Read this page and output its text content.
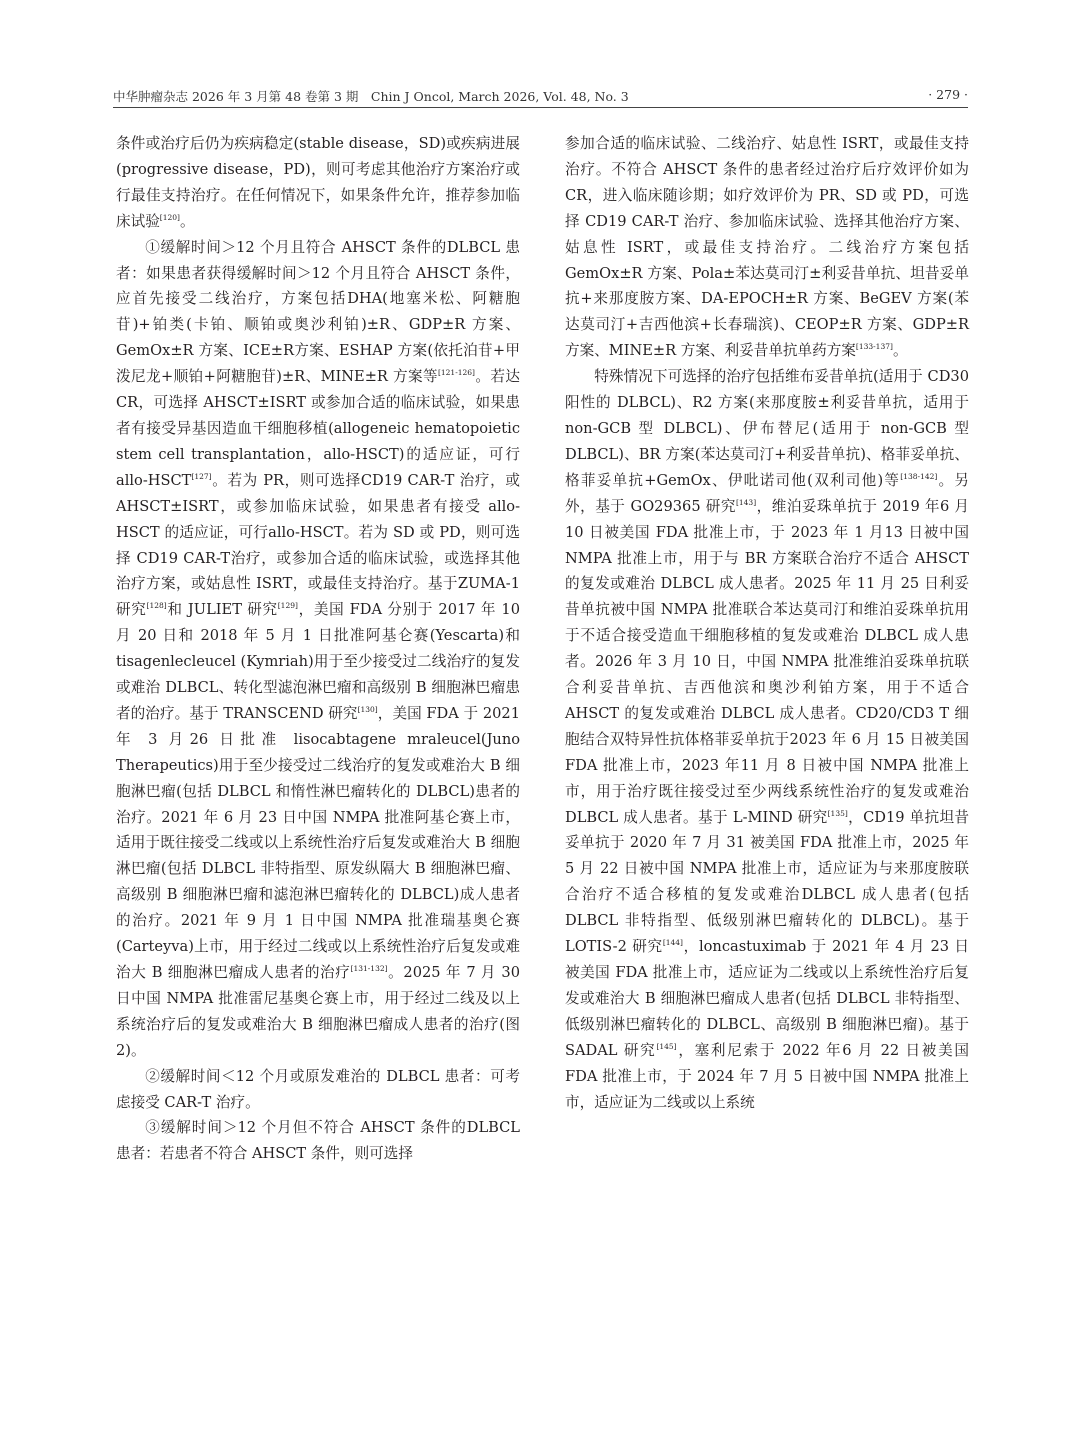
中华肿瘤杂志 2026 年 3 月第 48 卷第 3 期　Chin J Oncol, March 2026, Vol. 48, No. 3	· 279 ·

条件或治疗后仍为疾病稳定(stable disease，SD)或疾病进展(progressive disease，PD)，则可考虑其他治疗方案治疗或行最佳支持治疗。在任何情况下，如果条件允许，推荐参加临床试验[120]。

①缓解时间＞12 个月且符合 AHSCT 条件的DLBCL 患者：如果患者获得缓解时间＞12 个月且符合 AHSCT 条件，应首先接受二线治疗，方案包括DHA(地塞米松、阿糖胞苷)+铂类(卡铂、顺铂或奥沙利铂)±R、GDP±R 方案、GemOx±R 方案、ICE±R方案、ESHAP 方案(依托泊苷+甲泼尼龙+顺铂+阿糖胞苷)±R、MINE±R 方案等[121-126]。若达 CR，可选择 AHSCT±ISRT 或参加合适的临床试验，如果患者有接受异基因造血干细胞移植(allogeneic hematopoietic stem cell transplantation，allo-HSCT)的适应证，可行 allo-HSCT[127]。若为 PR，则可选择CD19 CAR-T 治疗，或 AHSCT±ISRT，或参加临床试验，如果患者有接受 allo-HSCT 的适应证，可行allo-HSCT。若为 SD 或 PD，则可选择 CD19 CAR-T治疗，或参加合适的临床试验，或选择其他治疗方案，或姑息性 ISRT，或最佳支持治疗。基于ZUMA-1 研究[128]和 JULIET 研究[129]，美国 FDA 分别于 2017 年 10 月 20 日和 2018 年 5 月 1 日批准阿基仑赛(Yescarta)和 tisagenlecleucel (Kymriah)用于至少接受过二线治疗的复发或难治 DLBCL、转化型滤泡淋巴瘤和高级别 B 细胞淋巴瘤患者的治疗。基于 TRANSCEND 研究[130]，美国 FDA 于 2021 年 3 月26 日批准 lisocabtagene mraleucel(Juno Therapeutics)用于至少接受过二线治疗的复发或难治大 B 细胞淋巴瘤(包括 DLBCL 和惰性淋巴瘤转化的 DLBCL)患者的治疗。2021 年 6 月 23 日中国 NMPA 批准阿基仑赛上市，适用于既往接受二线或以上系统性治疗后复发或难治大 B 细胞淋巴瘤(包括 DLBCL 非特指型、原发纵隔大 B 细胞淋巴瘤、高级别 B 细胞淋巴瘤和滤泡淋巴瘤转化的 DLBCL)成人患者的治疗。2021 年 9 月 1 日中国 NMPA 批准瑞基奥仑赛(Carteyva)上市，用于经过二线或以上系统性治疗后复发或难治大 B 细胞淋巴瘤成人患者的治疗[131-132]。2025 年 7 月 30 日中国 NMPA 批准雷尼基奥仑赛上市，用于经过二线及以上系统治疗后的复发或难治大 B 细胞淋巴瘤成人患者的治疗(图 2)。

②缓解时间＜12 个月或原发难治的 DLBCL 患者：可考虑接受 CAR-T 治疗。

③缓解时间＞12 个月但不符合 AHSCT 条件的DLBCL 患者：若患者不符合 AHSCT 条件，则可选择

参加合适的临床试验、二线治疗、姑息性 ISRT，或最佳支持治疗。不符合 AHSCT 条件的患者经过治疗后疗效评价如为 CR，进入临床随诊期；如疗效评价为 PR、SD 或 PD，可选择 CD19 CAR-T 治疗、参加临床试验、选择其他治疗方案、姑息性 ISRT，或最佳支持治疗。二线治疗方案包括 GemOx±R 方案、Pola±苯达莫司汀±利妥昔单抗、坦昔妥单抗+来那度胺方案、DA-EPOCH±R 方案、BeGEV 方案(苯达莫司汀+吉西他滨+长春瑞滨)、CEOP±R 方案、GDP±R 方案、MINE±R 方案、利妥昔单抗单药方案[133-137]。

特殊情况下可选择的治疗包括维布妥昔单抗(适用于 CD30 阳性的 DLBCL)、R2 方案(来那度胺±利妥昔单抗，适用于 non-GCB 型 DLBCL)、伊布替尼(适用于 non-GCB 型 DLBCL)、BR 方案(苯达莫司汀+利妥昔单抗)、格菲妥单抗、格菲妥单抗+GemOx、伊吡诺司他(双利司他)等[138-142]。另外，基于 GO29365 研究[143]，维泊妥珠单抗于 2019 年6 月 10 日被美国 FDA 批准上市，于 2023 年 1 月13 日被中国 NMPA 批准上市，用于与 BR 方案联合治疗不适合 AHSCT 的复发或难治 DLBCL 成人患者。2025 年 11 月 25 日利妥昔单抗被中国 NMPA 批准联合苯达莫司汀和维泊妥珠单抗用于不适合接受造血干细胞移植的复发或难治 DLBCL 成人患者。2026 年 3 月 10 日，中国 NMPA 批准维泊妥珠单抗联合利妥昔单抗、吉西他滨和奥沙利铂方案，用于不适合 AHSCT 的复发或难治 DLBCL 成人患者。CD20/CD3 T 细胞结合双特异性抗体格菲妥单抗于2023 年 6 月 15 日被美国 FDA 批准上市，2023 年11 月 8 日被中国 NMPA 批准上市，用于治疗既往接受过至少两线系统性治疗的复发或难治 DLBCL 成人患者。基于 L-MIND 研究[135]，CD19 单抗坦昔妥单抗于 2020 年 7 月 31 被美国 FDA 批准上市，2025 年 5 月 22 日被中国 NMPA 批准上市，适应证为与来那度胺联合治疗不适合移植的复发或难治DLBCL 成人患者(包括 DLBCL 非特指型、低级别淋巴瘤转化的 DLBCL)。基于 LOTIS-2 研究[144]，loncastuximab 于 2021 年 4 月 23 日被美国 FDA 批准上市，适应证为二线或以上系统性治疗后复发或难治大 B 细胞淋巴瘤成人患者(包括 DLBCL 非特指型、低级别淋巴瘤转化的 DLBCL、高级别 B 细胞淋巴瘤)。基于 SADAL 研究[145]，塞利尼索于 2022 年6 月 22 日被美国 FDA 批准上市，于 2024 年 7 月 5 日被中国 NMPA 批准上市，适应证为二线或以上系统
